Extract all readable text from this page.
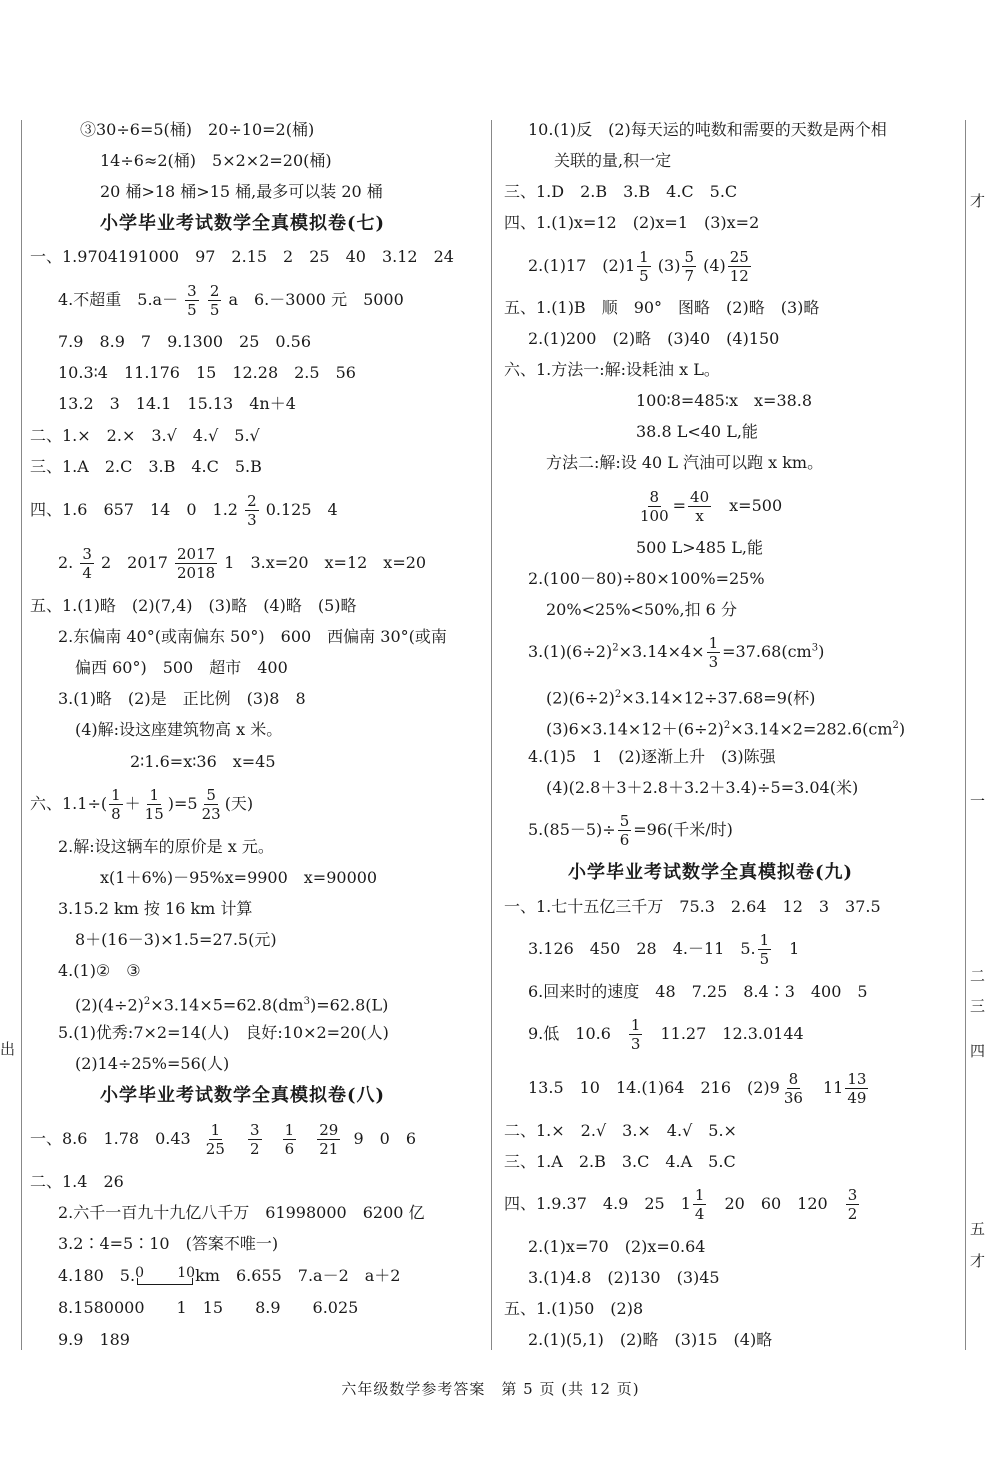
③30÷6=5(桶)　20÷10=2(桶)
14÷6≈2(桶)　5×2×2=20(桶)
20 桶>18 桶>15 桶,最多可以装 20 桶
小学毕业考试数学全真模拟卷(七)
一、1.9704191000　97　2.15　2　25　40　3.12　24
4.不超重　$5.a- \frac{3}{5}$
$\frac{2}{5}$ a　6.－3000 元　5000
7.9　8.9　7　9.1300　25　0.56
10.3∶4　11.176　15　12.28　2.5　56
13.2　3　14.1　15.13　4n＋4
二、1.×　2.×　3.√　4.√　5.√
三、1.A　2.C　3.B　4.C　5.B
四、1.6　657　14　0　$1.2 \frac{2}{3} 0.125$　4
2. $\frac{3}{4} 2$　$2017 \frac{2017}{2018} 1$　3.x=20　x=12　x=20
五、1.(1)略　(2)(7,4)　(3)略　(4)略　(5)略
2.东偏南 40°(或南偏东 50°)　600　西偏南 30°(或南
偏西 60°)　500　超市　400
3.(1)略　(2)是　正比例　(3)8　8
(4)解:设这座建筑物高 x 米。
2∶1.6=x∶36　x=45
六、$1.1\div( \frac{1}{8} + \frac{1}{15} )=5 \frac{5}{23}$ (天)
2.解:设这辆车的原价是 x 元。
x(1＋6%)－95%x=9900　x=90000
3.15.2 km 按 16 km 计算
8＋(16－3)×1.5=27.5(元)
4.(1)②　③
$(2)(4\div 2)^2\times 3.14\times 5=62.8(dm^3)=62.8(L)$
5.(1)优秀:7×2=14(人)　良好:10×2=20(人)
(2)14÷25%=56(人)
小学毕业考试数学全真模拟卷(八)
一、8.6　1.78　$0.43 \frac{1}{25}$
$\frac{3}{2}$
$\frac{1}{6}$
$\frac{29}{21} 9$　0　6
二、1.4　26
2.六千一百九十九亿八千万　61998000　6200 亿
3.2∶4=5∶10　(答案不唯一)
4.180　5. 0 10 km　 6.655　7.a－2　a＋2
8.1580000　　1　15　　8.9　　6.025
9.9　189
10.(1)反　(2)每天运的吨数和需要的天数是两个相
关联的量,积一定
三、1.D　2.B　3.B　4.C　5.C
四、1.(1)x=12　(2)x=1　(3)x=2
2.(1)17　$(2)1 \frac{1}{5} (3) \frac{5}{7} (4) \frac{25}{12}$
五、1.(1)B　顺　90°　图略　(2)略　(3)略
2.(1)200　(2)略　(3)40　(4)150
六、1.方法一:解:设耗油 x L。
100∶8=485∶x　x=38.8
38.8 L<40 L,能
方法二:解:设 40 L 汽油可以跑 x km。
$\frac{8}{100} = \frac{40}{x}$
　 x=500
500 L>485 L,能
2.(100－80)÷80×100%=25%
20%<25%<50%,扣 6 分
$3.(1)(6\div 2)^2\times 3.14\times 4\times \frac{1}{3} =37.68(cm^3)$
$(2)(6\div 2)^2\times 3.14\times 12\div 37.68=9$(杯)
$(3)6\times 3.14\times 12+(6\div 2)^2\times 3.14\times 2=282.6(cm^2)$
4.(1)5　1　(2)逐渐上升　(3)陈强
(4)(2.8＋3＋2.8＋3.2＋3.4)÷5=3.04(米)
$5.(85-5)\div \frac{5}{6} =96$(千米/时)
小学毕业考试数学全真模拟卷(九)
一、1.七十五亿三千万　75.3　2.64　12　3　37.5
3.126　450　28　4.－11　5. $\frac{1}{5}$
　 1
6.回来时的速度　48　7.25　8.4∶3　400　5
9.低　10.6　 $\frac{1}{3}$
　 11.27　12.3.0144
13.5　10　14.(1)64　216　$(2)9 \frac{8}{36}$
　 $11 \frac{13}{49}$
二、1.×　2.√　3.×　4.√　5.×
三、1.A　2.B　3.C　4.A　5.C
四、1.9.37　4.9　25　$1 \frac{1}{4}$
　 20　60　120　 $\frac{3}{2}$
2.(1)x=70　(2)x=0.64
3.(1)4.8　(2)130　(3)45
五、1.(1)50　(2)8
2.(1)(5,1)　(2)略　(3)15　(4)略
出
才
一
二
三
四
五
才
六年级数学参考答案　第 5 页 (共 12 页)
